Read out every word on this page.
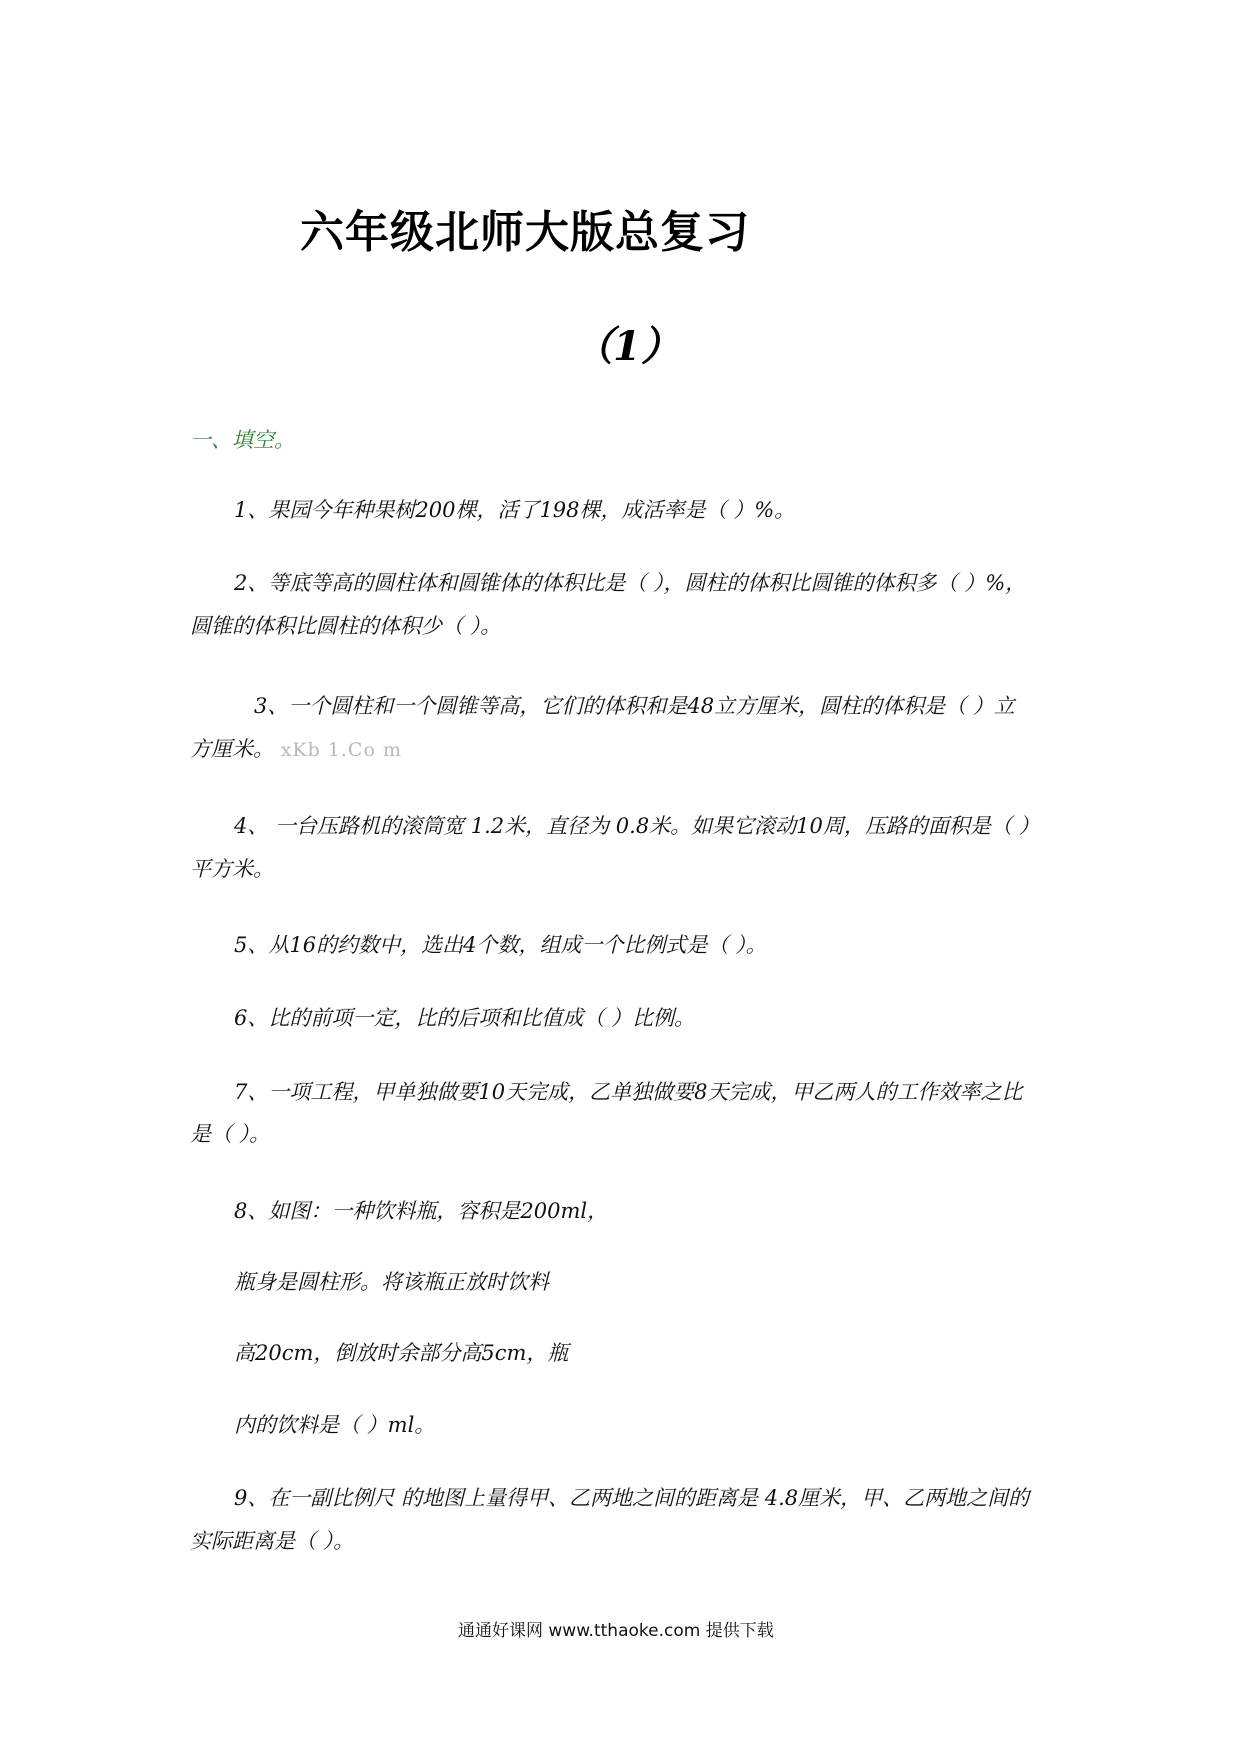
六年级北师大版总复习
（1）
一、填空。
1、果园今年种果树200棵，活了198棵，成活率是（ ）%。
2、等底等高的圆柱体和圆锥体的体积比是（ ），圆柱的体积比圆锥的体积多（ ）%，
圆锥的体积比圆柱的体积少（ ）。
3、一个圆柱和一个圆锥等高，它们的体积和是48立方厘米，圆柱的体积是（ ）立
方厘米。 xKb 1.Co m
4、 一台压路机的滚筒宽 1.2米，直径为 0.8米。如果它滚动10周，压路的面积是（ ）
平方米。
5、从16的约数中，选出4个数，组成一个比例式是（ ）。
6、比的前项一定，比的后项和比值成（ ）比例。
7、一项工程，甲单独做要10天完成，乙单独做要8天完成，甲乙两人的工作效率之比
是（ ）。
8、如图：一种饮料瓶，容积是200ml，
瓶身是圆柱形。将该瓶正放时饮料
高20cm，倒放时余部分高5cm，瓶
内的饮料是（ ）ml。
9、在一副比例尺 的地图上量得甲、乙两地之间的距离是 4.8厘米，甲、乙两地之间的
实际距离是（ ）。
通通好课网 www.tthaoke.com 提供下载
